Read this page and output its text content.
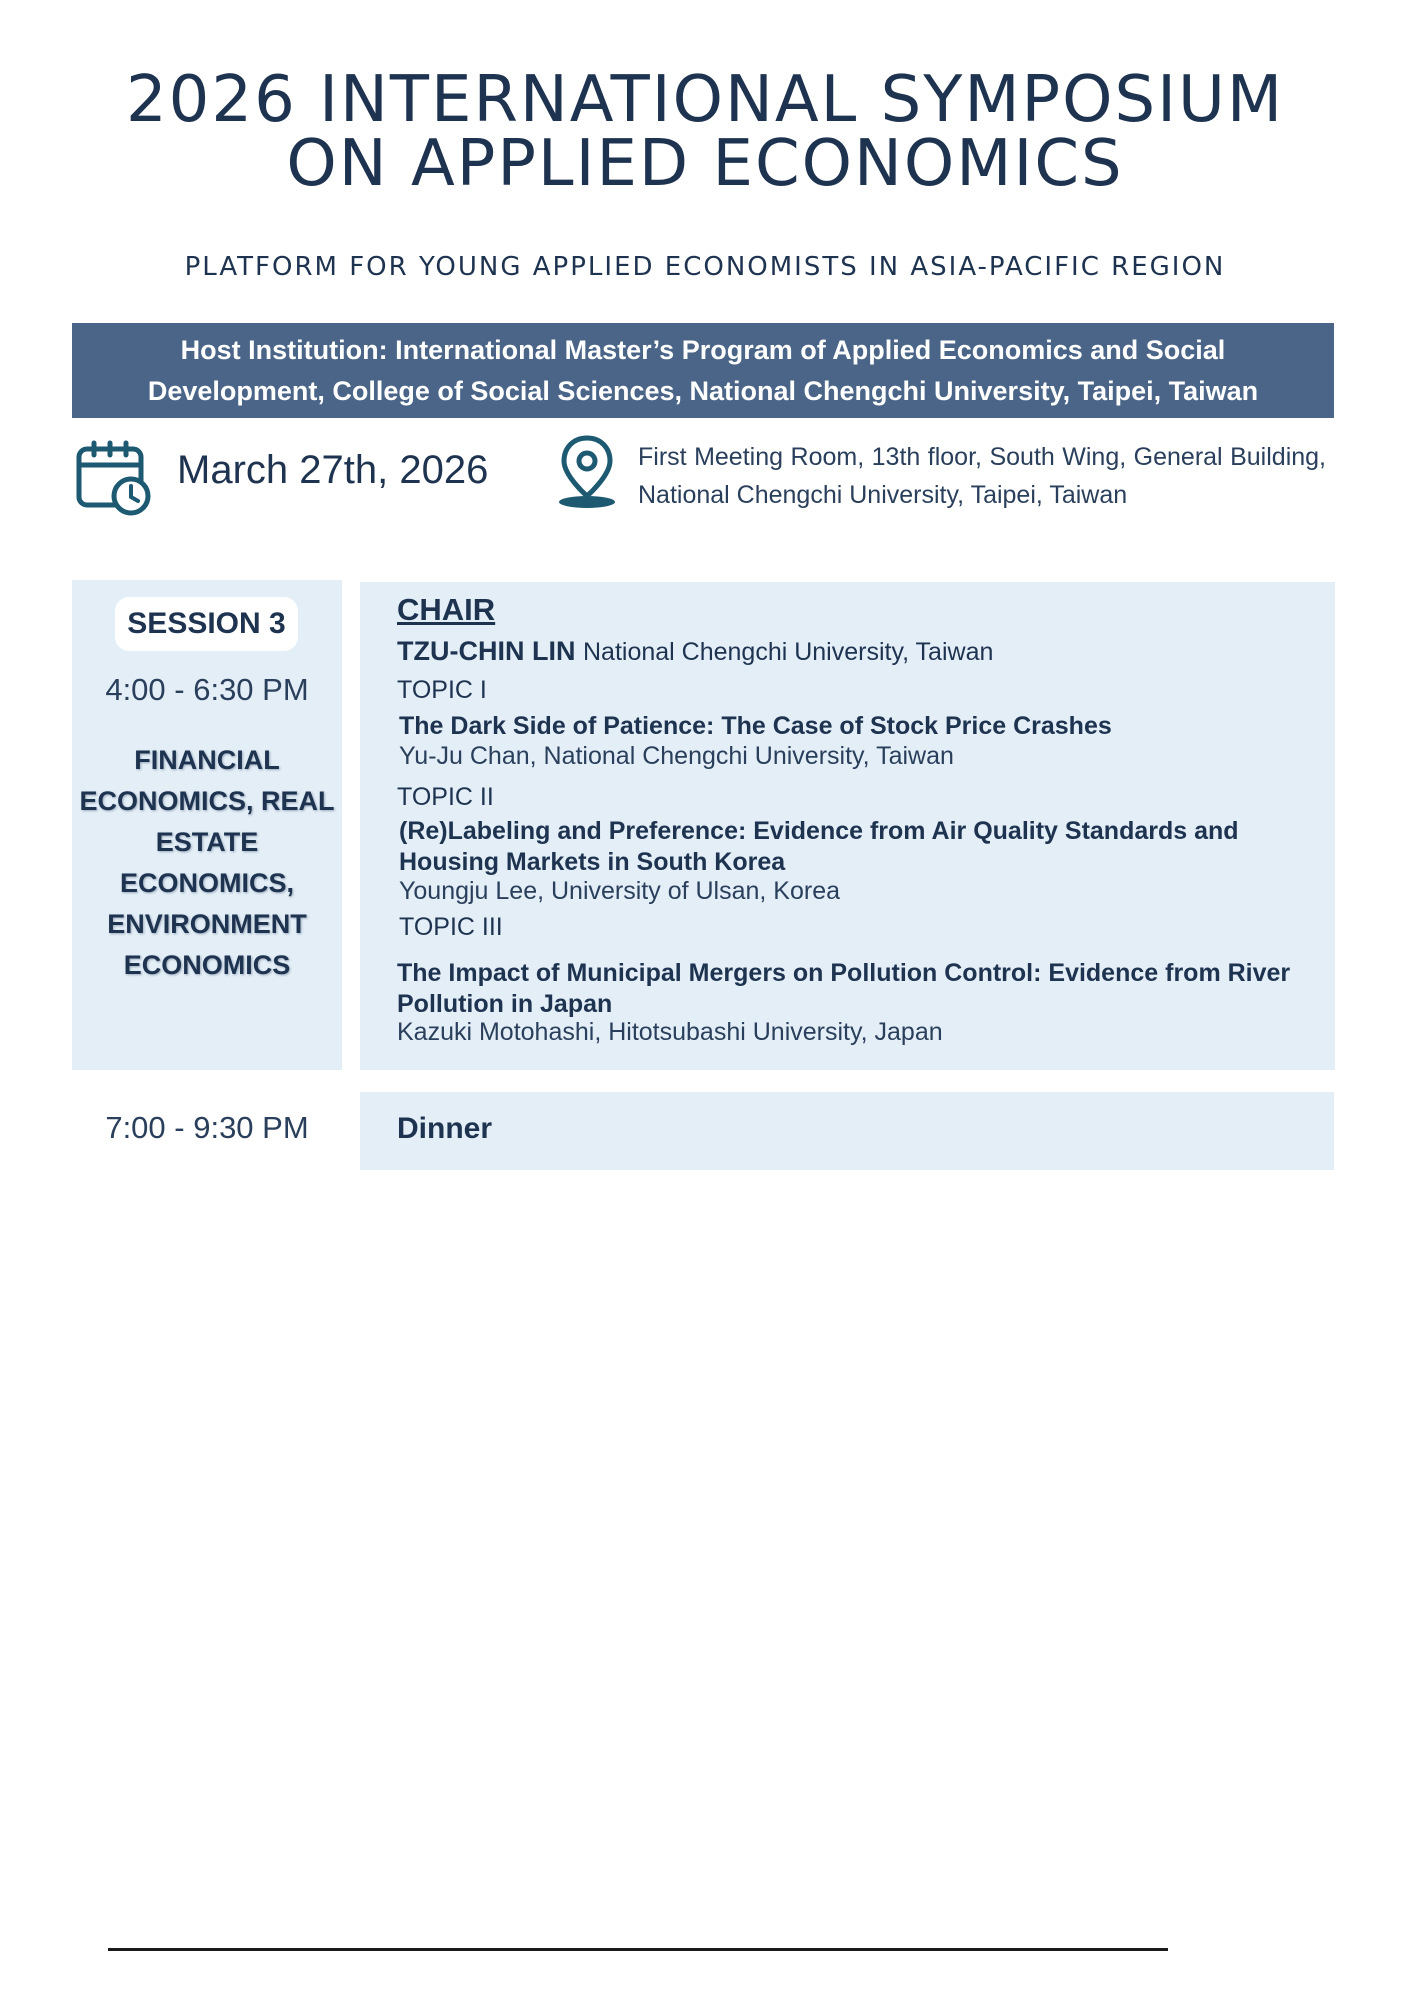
2026 INTERNATIONAL SYMPOSIUM
ON APPLIED ECONOMICS
PLATFORM FOR YOUNG APPLIED ECONOMISTS IN ASIA-PACIFIC REGION
Host Institution: International Master’s Program of Applied Economics and Social
Development, College of Social Sciences, National Chengchi University, Taipei, Taiwan
March 27th, 2026	First Meeting Room, 13th floor, South Wing, General Building, National Chengchi University, Taipei, Taiwan
SESSION 3
4:00 - 6:30 PM
FINANCIAL ECONOMICS, REAL ESTATE ECONOMICS, ENVIRONMENT ECONOMICS
CHAIR
TZU-CHIN LIN National Chengchi University, Taiwan
TOPIC I
The Dark Side of Patience: The Case of Stock Price Crashes
Yu-Ju Chan, National Chengchi University, Taiwan
TOPIC II
(Re)Labeling and Preference: Evidence from Air Quality Standards and Housing Markets in South Korea
Youngju Lee, University of Ulsan, Korea
TOPIC III
The Impact of Municipal Mergers on Pollution Control: Evidence from River Pollution in Japan
Kazuki Motohashi, Hitotsubashi University, Japan
7:00 - 9:30 PM	Dinner
